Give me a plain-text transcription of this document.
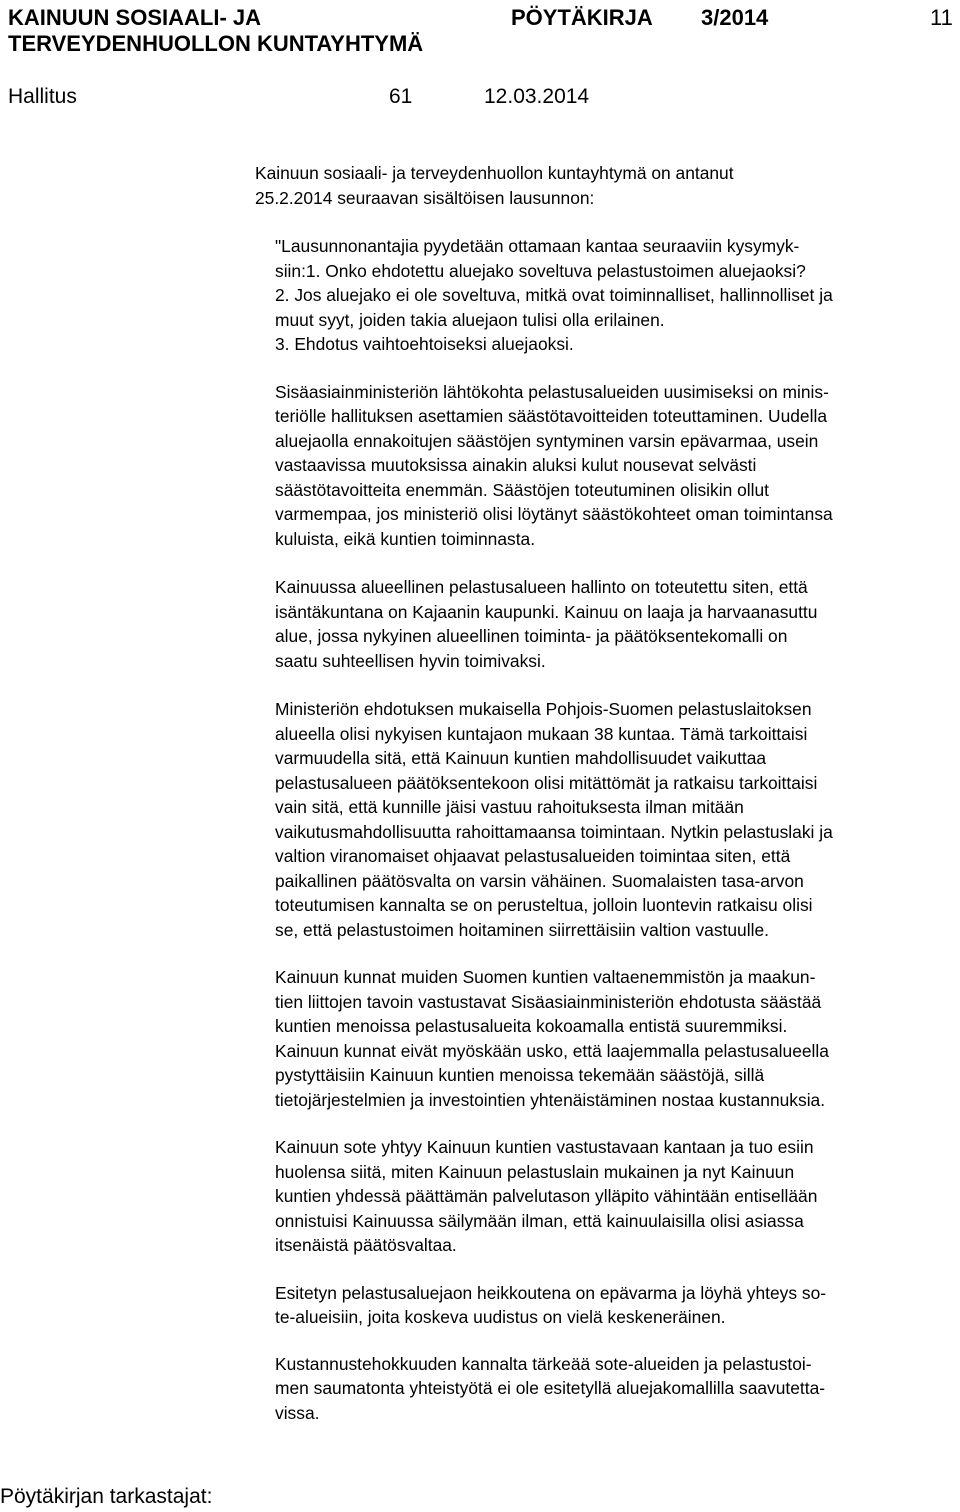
KAINUUN SOSIAALI- JA
TERVEYDENHUOLLON KUNTAYHTYMÄ
PÖYTÄKIRJA 3/2014	11
Hallitus	61	12.03.2014

Kainuun sosiaali- ja terveydenhuollon kuntayhtymä on antanut
25.2.2014 seuraavan sisältöisen lausunnon:

"Lausunnonantajia pyydetään ottamaan kantaa seuraaviin kysymyk-
siin:1. Onko ehdotettu aluejako soveltuva pelastustoimen aluejaoksi?
2. Jos aluejako ei ole soveltuva, mitkä ovat toiminnalliset, hallinnolliset ja
muut syyt, joiden takia aluejaon tulisi olla erilainen.
3. Ehdotus vaihtoehtoiseksi aluejaoksi.

Sisäasiainministeriön lähtökohta pelastusalueiden uusimiseksi on minis-
teriölle hallituksen asettamien säästötavoitteiden toteuttaminen. Uudella
aluejaolla ennakoitujen säästöjen syntyminen varsin epävarmaa, usein
vastaavissa muutoksissa ainakin aluksi kulut nousevat selvästi
säästötavoitteita enemmän. Säästöjen toteutuminen olisikin ollut
varmempaa, jos ministeriö olisi löytänyt säästökohteet oman toimintansa
kuluista, eikä kuntien toiminnasta.

Kainuussa alueellinen pelastusalueen hallinto on toteutettu siten, että
isäntäkuntana on Kajaanin kaupunki. Kainuu on laaja ja harvaanasuttu
alue, jossa nykyinen alueellinen toiminta- ja päätöksentekomalli on
saatu suhteellisen hyvin toimivaksi.

Ministeriön ehdotuksen mukaisella Pohjois-Suomen pelastuslaitoksen
alueella olisi nykyisen kuntajaon mukaan 38 kuntaa. Tämä tarkoittaisi
varmuudella sitä, että Kainuun kuntien mahdollisuudet vaikuttaa
pelastusalueen päätöksentekoon olisi mitättömät ja ratkaisu tarkoittaisi
vain sitä, että kunnille jäisi vastuu rahoituksesta ilman mitään
vaikutusmahdollisuutta rahoittamaansa toimintaan. Nytkin pelastuslaki ja
valtion viranomaiset ohjaavat pelastusalueiden toimintaa siten, että
paikallinen päätösvalta on varsin vähäinen. Suomalaisten tasa-arvon
toteutumisen kannalta se on perusteltua, jolloin luontevin ratkaisu olisi
se, että pelastustoimen hoitaminen siirrettäisiin valtion vastuulle.

Kainuun kunnat muiden Suomen kuntien valtaenemmistön ja maakun-
tien liittojen tavoin vastustavat Sisäasiainministeriön ehdotusta säästää
kuntien menoissa pelastusalueita kokoamalla entistä suuremmiksi.
Kainuun kunnat eivät myöskään usko, että laajemmalla pelastusalueella
pystyttäisiin Kainuun kuntien menoissa tekemään säästöjä, sillä
tietojärjestelmien ja investointien yhtenäistäminen nostaa kustannuksia.

Kainuun sote yhtyy Kainuun kuntien vastustavaan kantaan ja tuo esiin
huolensa siitä, miten Kainuun pelastuslain mukainen ja nyt Kainuun
kuntien yhdessä päättämän palvelutason ylläpito vähintään entisellään
onnistuisi Kainuussa säilymään ilman, että kainuulaisilla olisi asiassa
itsenäistä päätösvaltaa.

Esitetyn pelastusaluejaon heikkoutena on epävarma ja löyhä yhteys so-
te-alueisiin, joita koskeva uudistus on vielä keskeneräinen.

Kustannustehokkuuden kannalta tärkeää sote-alueiden ja pelastustoi-
men saumatonta yhteistyötä ei ole esitetyllä aluejakomallilla saavutetta-
vissa.

Pöytäkirjan tarkastajat:
